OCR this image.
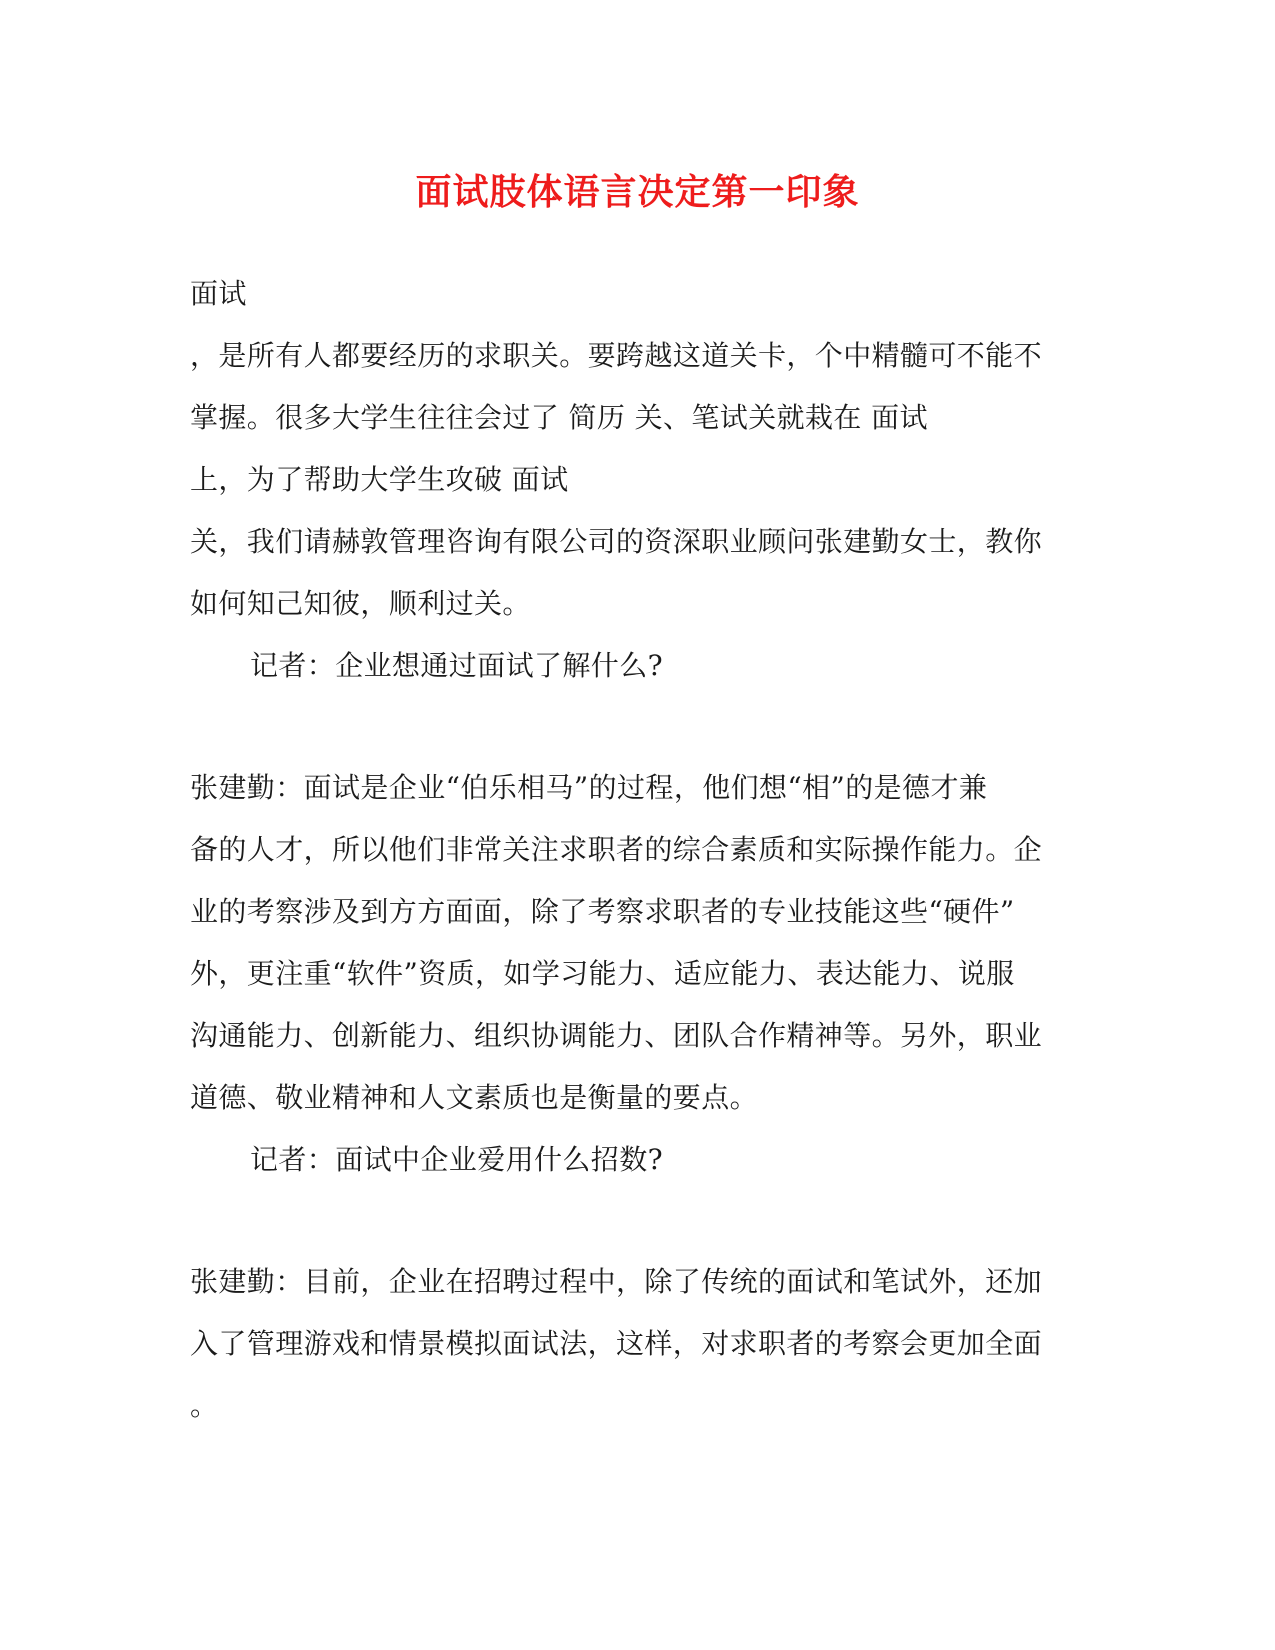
面试肢体语言决定第一印象
面试
，是所有人都要经历的求职关。要跨越这道关卡，个中精髓可不能不
掌握。很多大学生往往会过了 简历 关、笔试关就栽在 面试
上，为了帮助大学生攻破 面试
关，我们请赫敦管理咨询有限公司的资深职业顾问张建勤女士，教你
如何知己知彼，顺利过关。
记者：企业想通过面试了解什么?
张建勤：面试是企业“伯乐相马”的过程，他们想“相”的是德才兼
备的人才，所以他们非常关注求职者的综合素质和实际操作能力。企
业的考察涉及到方方面面，除了考察求职者的专业技能这些“硬件”
外，更注重“软件”资质，如学习能力、适应能力、表达能力、说服
沟通能力、创新能力、组织协调能力、团队合作精神等。另外，职业
道德、敬业精神和人文素质也是衡量的要点。
记者：面试中企业爱用什么招数?
张建勤：目前，企业在招聘过程中，除了传统的面试和笔试外，还加
入了管理游戏和情景模拟面试法，这样，对求职者的考察会更加全面
。
